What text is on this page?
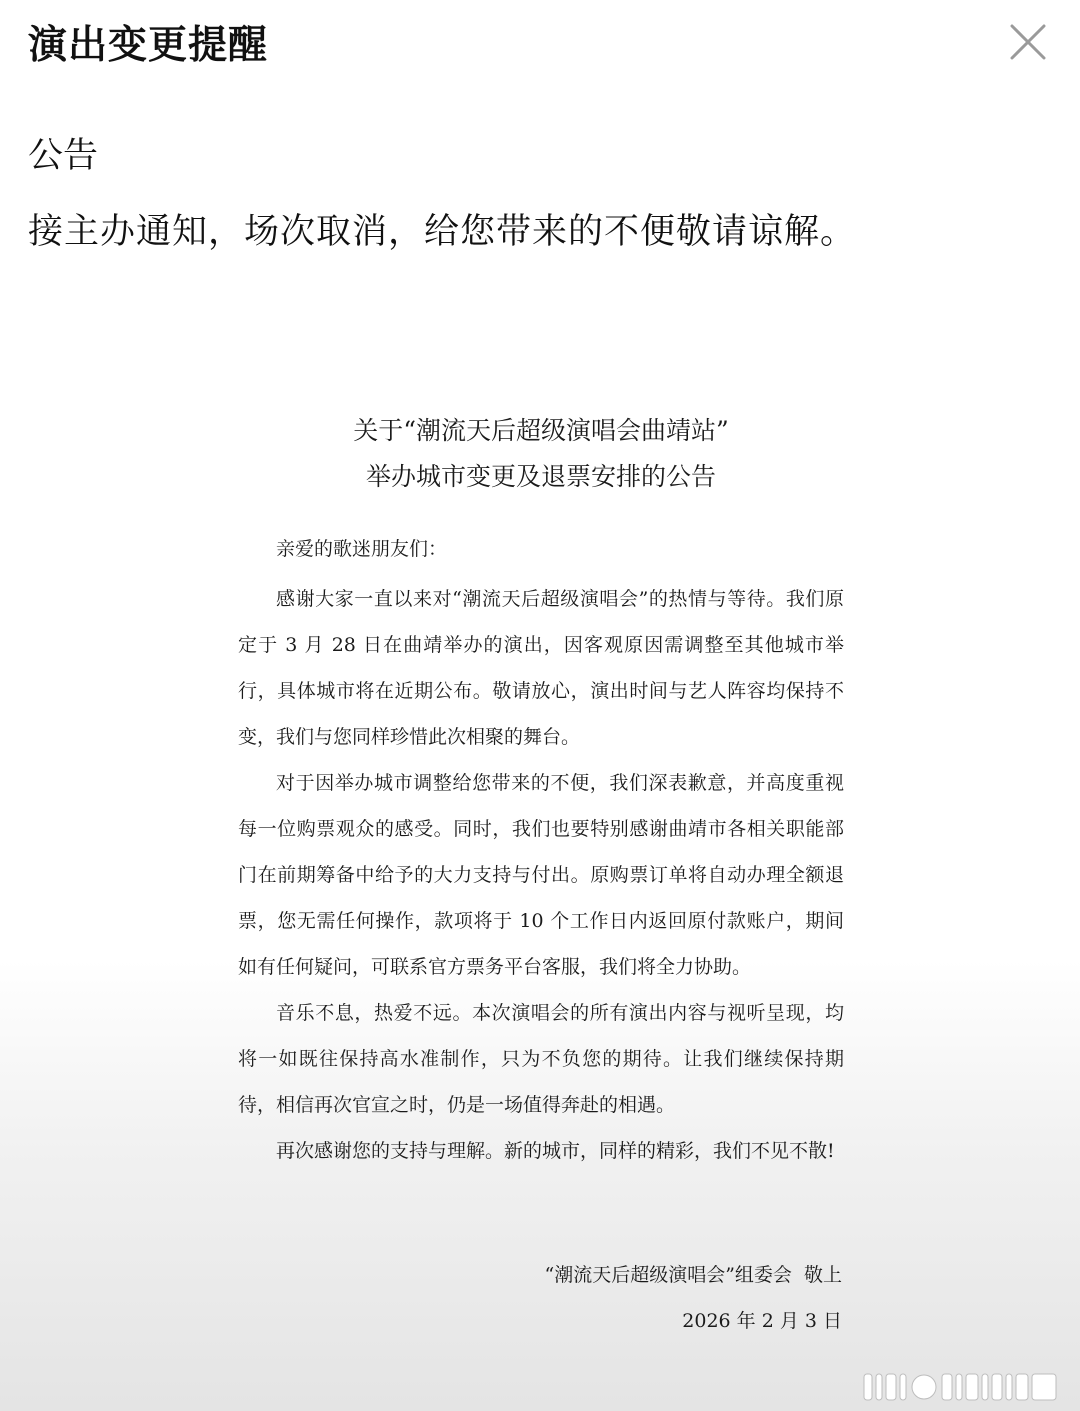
演出变更提醒
公告
接主办通知，场次取消，给您带来的不便敬请谅解。
关于“潮流天后超级演唱会曲靖站”
举办城市变更及退票安排的公告

亲爱的歌迷朋友们：

感谢大家一直以来对“潮流天后超级演唱会”的热情与等待。我们原定于 3 月 28 日在曲靖举办的演出，因客观原因需调整至其他城市举行，具体城市将在近期公布。敬请放心，演出时间与艺人阵容均保持不变，我们与您同样珍惜此次相聚的舞台。

对于因举办城市调整给您带来的不便，我们深表歉意，并高度重视每一位购票观众的感受。同时，我们也要特别感谢曲靖市各相关职能部门在前期筹备中给予的大力支持与付出。原购票订单将自动办理全额退票，您无需任何操作，款项将于 10 个工作日内返回原付款账户，期间如有任何疑问，可联系官方票务平台客服，我们将全力协助。

音乐不息，热爱不远。本次演唱会的所有演出内容与视听呈现，均将一如既往保持高水准制作，只为不负您的期待。让我们继续保持期待，相信再次官宣之时，仍是一场值得奔赴的相遇。

再次感谢您的支持与理解。新的城市，同样的精彩，我们不见不散!

“潮流天后超级演唱会”组委会  敬上
2026 年 2 月 3 日
